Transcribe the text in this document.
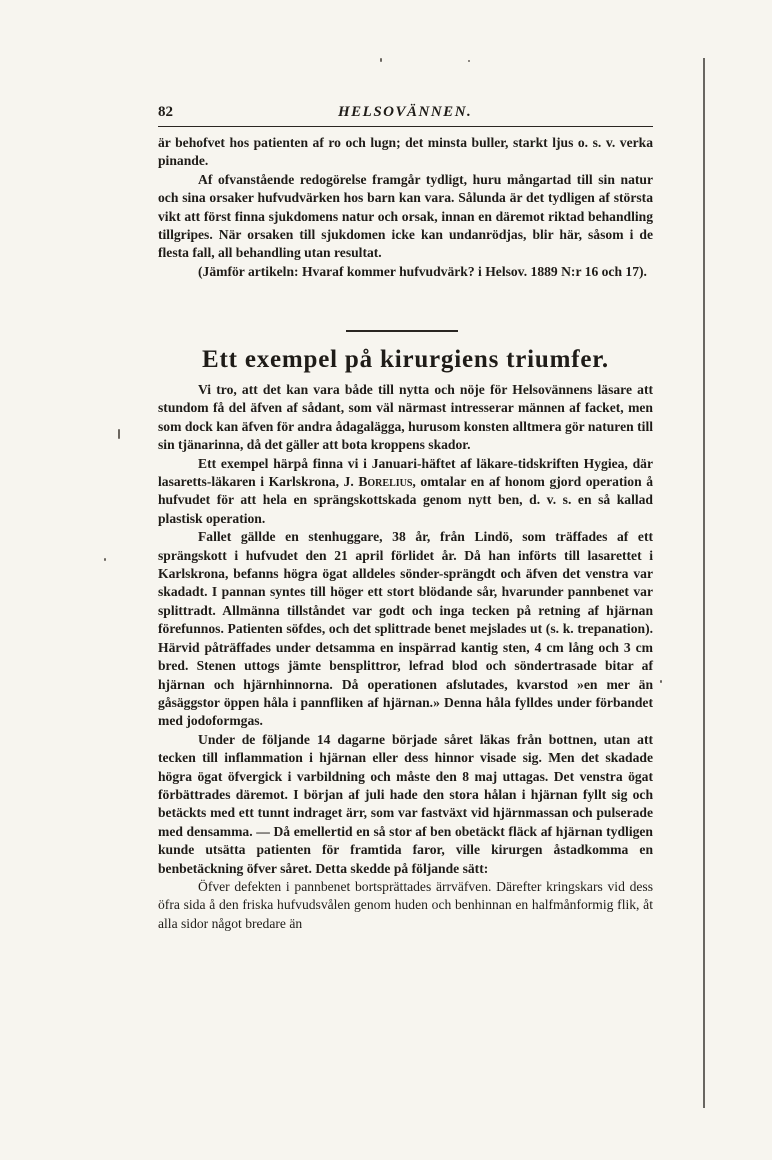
82	HELSOVÄNNEN.

är behofvet hos patienten af ro och lugn; det minsta buller, starkt ljus o. s. v. verka pinande.

Af ofvanstående redogörelse framgår tydligt, huru mångartad till sin natur och sina orsaker hufvudvärken hos barn kan vara. Sålunda är det tydligen af största vikt att först finna sjukdomens natur och orsak, innan en däremot riktad behandling tillgripes. När orsaken till sjukdomen icke kan undanrödjas, blir här, såsom i de flesta fall, all behandling utan resultat.

(Jämför artikeln: Hvaraf kommer hufvudvärk? i Helsov. 1889 N:r 16 och 17).

Ett exempel på kirurgiens triumfer.

Vi tro, att det kan vara både till nytta och nöje för Helsovännens läsare att stundom få del äfven af sådant, som väl närmast intresserar männen af facket, men som dock kan äfven för andra ådagalägga, hurusom konsten alltmera gör naturen till sin tjänarinna, då det gäller att bota kroppens skador.

Ett exempel härpå finna vi i Januari-häftet af läkare-tidskriften Hygiea, där lasaretts-läkaren i Karlskrona, J. Borelius, omtalar en af honom gjord operation å hufvudet för att hela en sprängskottskada genom nytt ben, d. v. s. en så kallad plastisk operation.

Fallet gällde en stenhuggare, 38 år, från Lindö, som träffades af ett sprängskott i hufvudet den 21 april förlidet år. Då han införts till lasarettet i Karlskrona, befanns högra ögat alldeles sönder-sprängdt och äfven det venstra var skadadt. I pannan syntes till höger ett stort blödande sår, hvarunder pannbenet var splittradt. Allmänna tillståndet var godt och inga tecken på retning af hjärnan förefunnos. Patienten söfdes, och det splittrade benet mejslades ut (s. k. trepanation). Härvid påträffades under detsamma en inspärrad kantig sten, 4 cm lång och 3 cm bred. Stenen uttogs jämte bensplittror, lefrad blod och söndertrasade bitar af hjärnan och hjärnhinnorna. Då operationen afslutades, kvarstod »en mer än gåsäggstor öppen håla i pannfliken af hjärnan.» Denna håla fylldes under förbandet med jodoformgas.

Under de följande 14 dagarne började såret läkas från bottnen, utan att tecken till inflammation i hjärnan eller dess hinnor visade sig. Men det skadade högra ögat öfvergick i varbildning och måste den 8 maj uttagas. Det venstra ögat förbättrades däremot. I början af juli hade den stora hålan i hjärnan fyllt sig och betäckts med ett tunnt indraget ärr, som var fastväxt vid hjärnmassan och pulserade med densamma. — Då emellertid en så stor af ben obetäckt fläck af hjärnan tydligen kunde utsätta patienten för framtida faror, ville kirurgen åstadkomma en benbetäckning öfver såret. Detta skedde på följande sätt:

Öfver defekten i pannbenet bortsprättades ärrväfven. Därefter kringskars vid dess öfra sida å den friska hufvudsvålen genom huden och benhinnan en halfmånformig flik, åt alla sidor något bredare än
